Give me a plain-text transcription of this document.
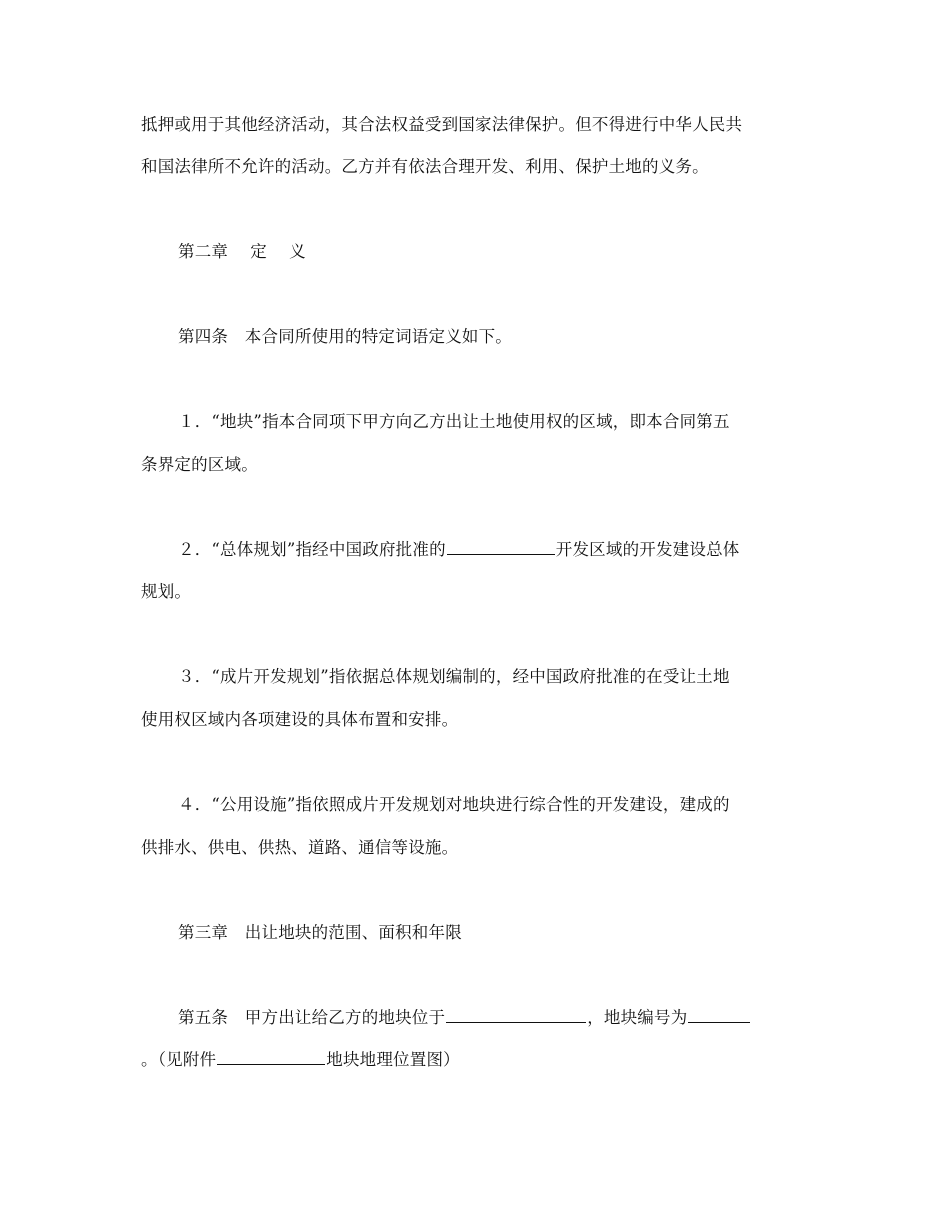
抵押或用于其他经济活动，其合法权益受到国家法律保护。但不得进行中华人民共
和国法律所不允许的活动。乙方并有依法合理开发、利用、保护土地的义务。
第二章　 定　 义
第四条　本合同所使用的特定词语定义如下。
１．“地块”指本合同项下甲方向乙方出让土地使用权的区域，即本合同第五
条界定的区域。
２．“总体规划”指经中国政府批准的	开发区域的开发建设总体
规划。
３．“成片开发规划”指依据总体规划编制的，经中国政府批准的在受让土地
使用权区域内各项建设的具体布置和安排。
４．“公用设施”指依照成片开发规划对地块进行综合性的开发建设，建成的
供排水、供电、供热、道路、通信等设施。
第三章　出让地块的范围、面积和年限
第五条　甲方出让给乙方的地块位于	，地块编号为
。（见附件	地块地理位置图）
